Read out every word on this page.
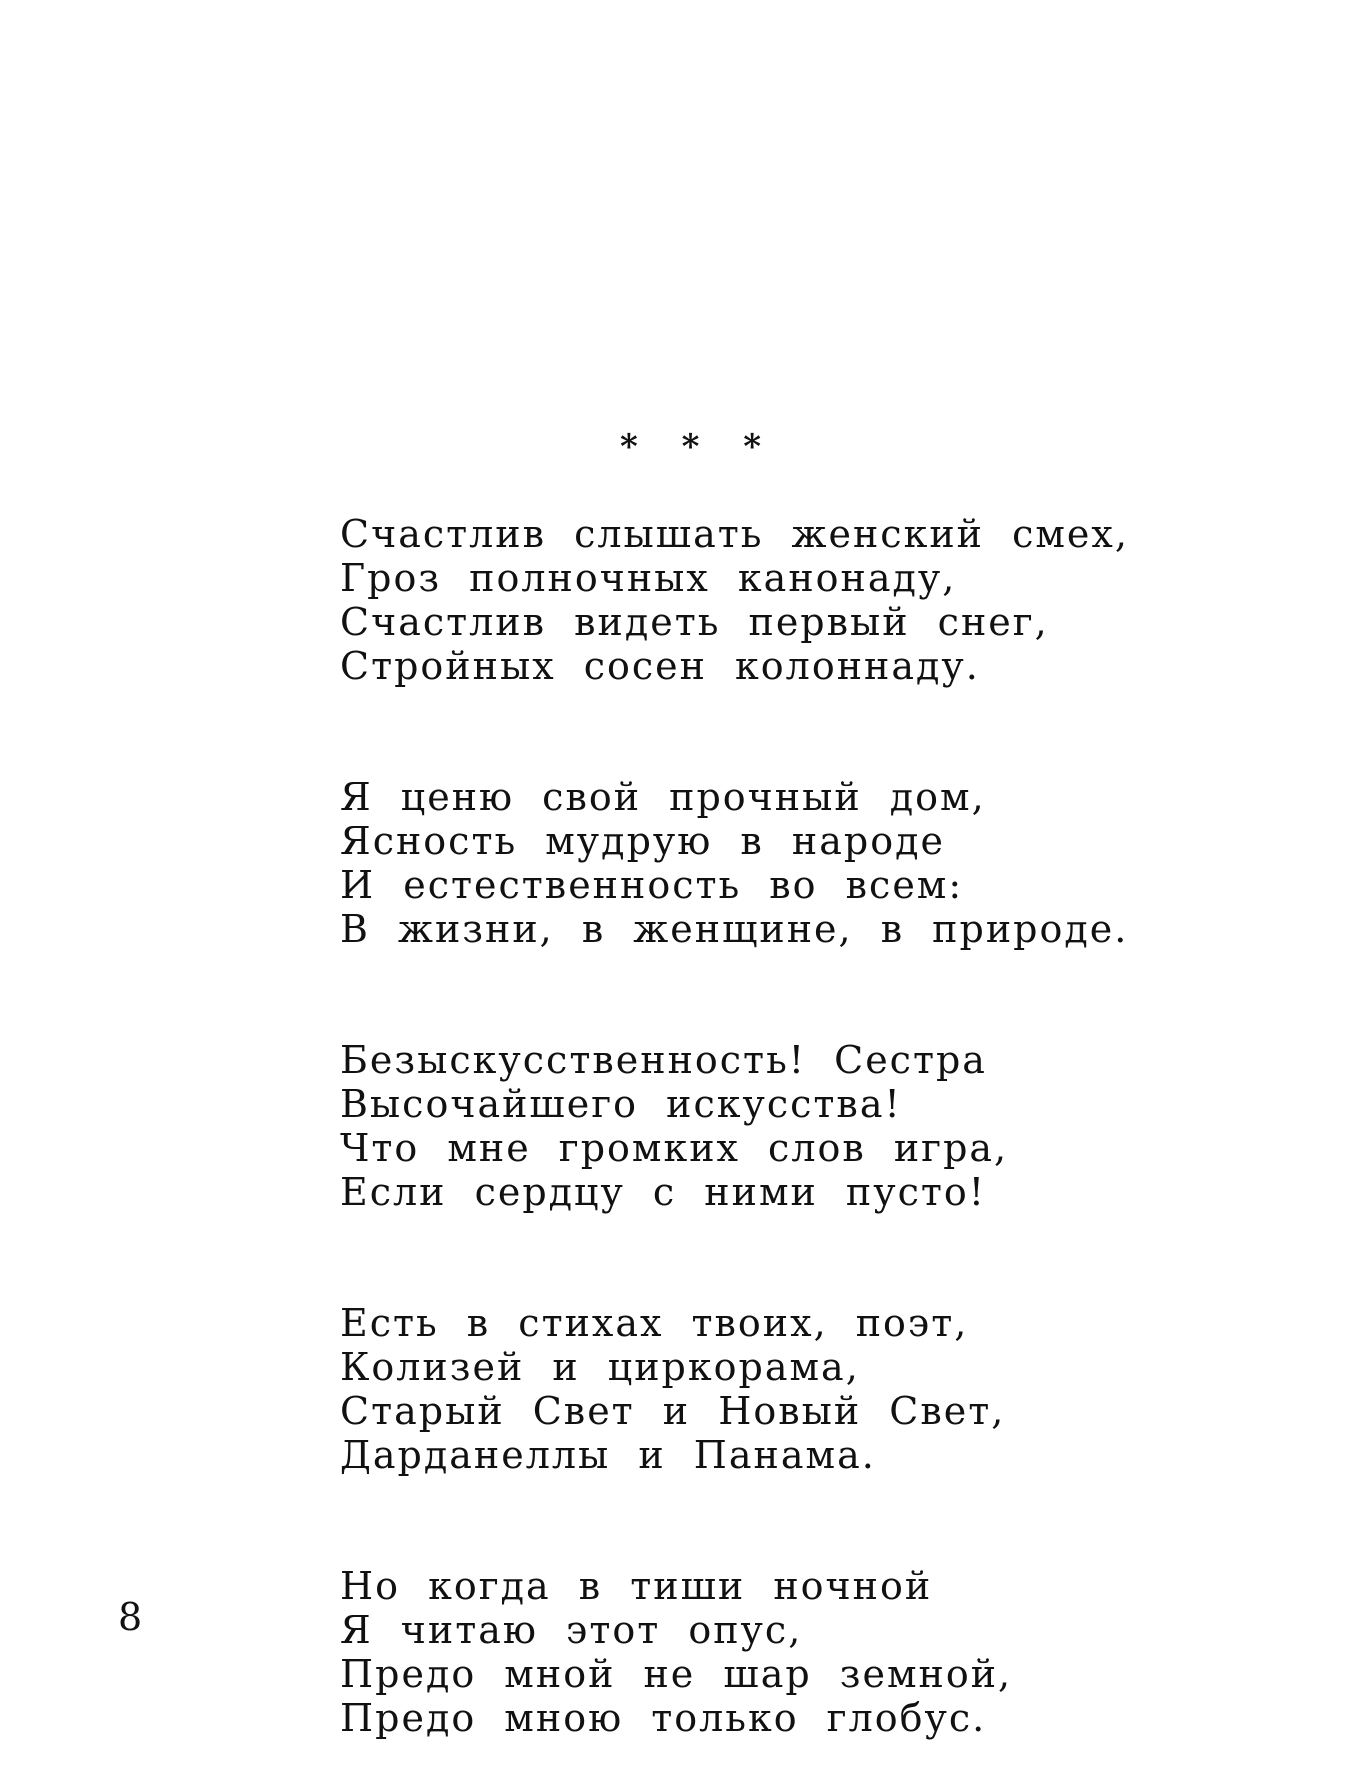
* * *
Счастлив слышать женский смех,
Гроз полночных канонаду,
Счастлив видеть первый снег,
Стройных сосен колоннаду.
Я ценю свой прочный дом,
Ясность мудрую в народе
И естественность во всем:
В жизни, в женщине, в природе.
Безыскусственность! Сестра
Высочайшего искусства!
Что мне громких слов игра,
Если сердцу с ними пусто!
Есть в стихах твоих, поэт,
Колизей и циркорама,
Старый Свет и Новый Свет,
Дарданеллы и Панама.
Но когда в тиши ночной
Я читаю этот опус,
Предо мной не шар земной,
Предо мною только глобус.
8
